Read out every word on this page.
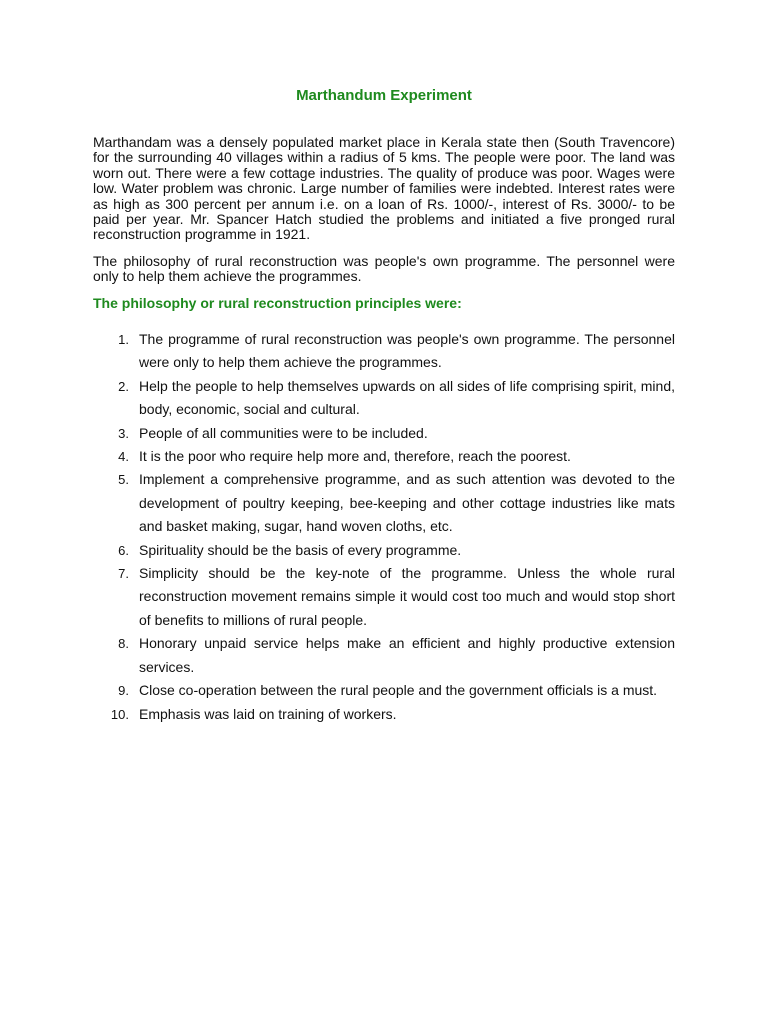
Marthandum Experiment

Marthandam was a densely populated market place in Kerala state then (South Travencore) for the surrounding 40 villages within a radius of 5 kms. The people were poor. The land was worn out. There were a few cottage industries. The quality of produce was poor. Wages were low. Water problem was chronic. Large number of families were indebted. Interest rates were as high as 300 percent per annum i.e. on a loan of Rs. 1000/-, interest of Rs. 3000/- to be paid per year. Mr. Spancer Hatch studied the problems and initiated a five pronged rural reconstruction programme in 1921.

The philosophy of rural reconstruction was people's own programme. The personnel were only to help them achieve the programmes.

The philosophy or rural reconstruction principles were:
1. The programme of rural reconstruction was people's own programme. The personnel were only to help them achieve the programmes.
2. Help the people to help themselves upwards on all sides of life comprising spirit, mind, body, economic, social and cultural.
3. People of all communities were to be included.
4. It is the poor who require help more and, therefore, reach the poorest.
5. Implement a comprehensive programme, and as such attention was devoted to the development of poultry keeping, bee-keeping and other cottage industries like mats and basket making, sugar, hand woven cloths, etc.
6. Spirituality should be the basis of every programme.
7. Simplicity should be the key-note of the programme. Unless the whole rural reconstruction movement remains simple it would cost too much and would stop short of benefits to millions of rural people.
8. Honorary unpaid service helps make an efficient and highly productive extension services.
9. Close co-operation between the rural people and the government officials is a must.
10. Emphasis was laid on training of workers.
